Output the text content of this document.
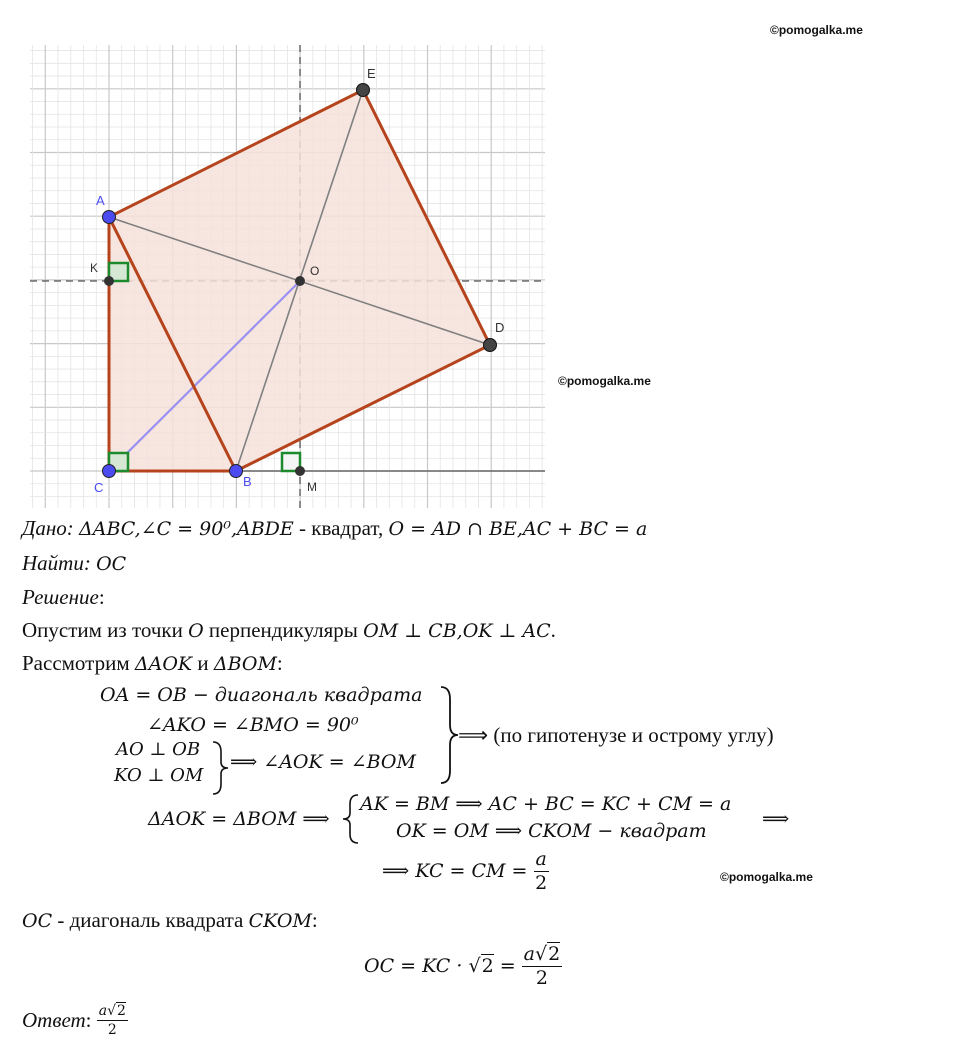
©pomogalka.me
©pomogalka.me
©pomogalka.me
A
B
C
D
E
O
K
M
Дано: ΔABC,∠C = 90⁰,ABDE - квадрат, O = AD ∩ BE,AC + BC = a
Найти: OC
Решение:
Опустим из точки O перпендикуляры OM ⊥ CB,OK ⊥ AC.
Рассмотрим ΔAOK и ΔBOM:
OA = OB − диагональ квадрата
∠AKO = ∠BMO = 90⁰
AO ⊥ OB
KO ⊥ OM
⟹ ∠AOK = ∠BOM
⟹ (по гипотенузе и острому углу)
ΔAOK = ΔBOM ⟹
AK = BM ⟹ AC + BC = KC + CM = a
OK = OM ⟹ CKOM − квадрат
⟹
⟹ KC = CM = $\frac{a}{2}$
OC - диагональ квадрата CKOM:
OC = KC · $√2 = \frac{a√2}{2}$
Ответ: $\frac{a√2}{2}$
